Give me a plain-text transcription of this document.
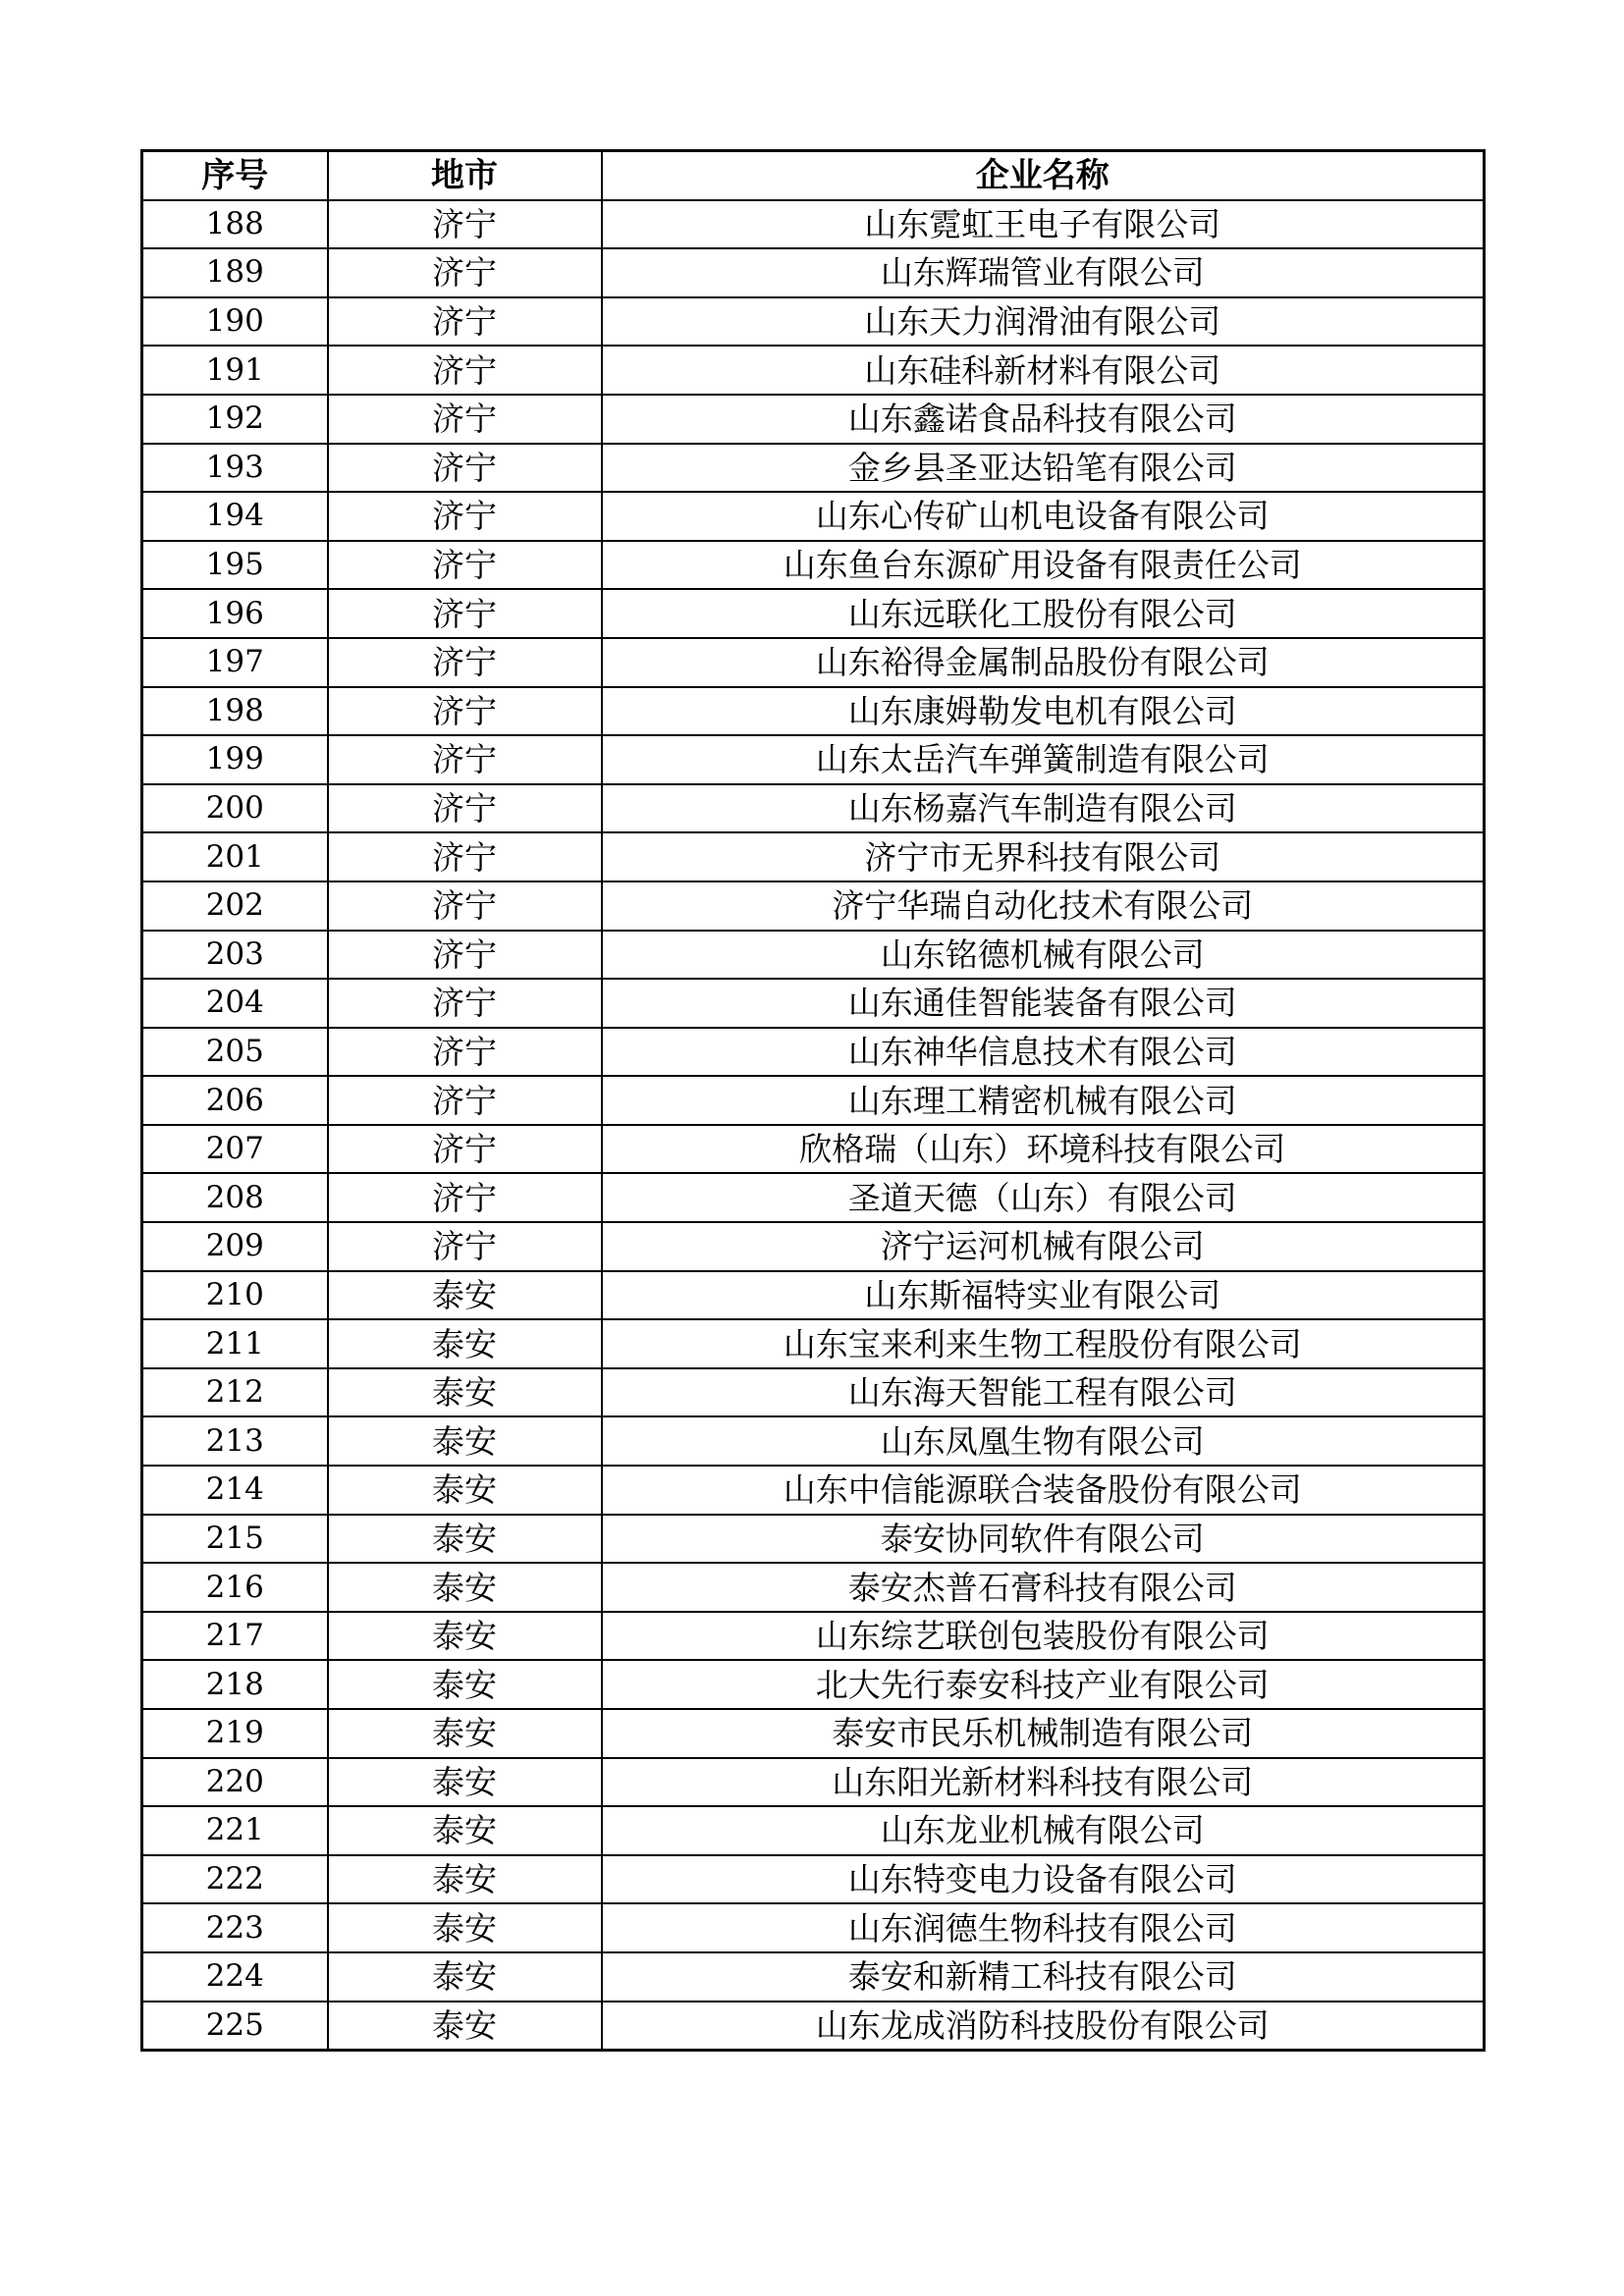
序号	地市	企业名称
188	济宁	山东霓虹王电子有限公司
189	济宁	山东辉瑞管业有限公司
190	济宁	山东天力润滑油有限公司
191	济宁	山东硅科新材料有限公司
192	济宁	山东鑫诺食品科技有限公司
193	济宁	金乡县圣亚达铅笔有限公司
194	济宁	山东心传矿山机电设备有限公司
195	济宁	山东鱼台东源矿用设备有限责任公司
196	济宁	山东远联化工股份有限公司
197	济宁	山东裕得金属制品股份有限公司
198	济宁	山东康姆勒发电机有限公司
199	济宁	山东太岳汽车弹簧制造有限公司
200	济宁	山东杨嘉汽车制造有限公司
201	济宁	济宁市无界科技有限公司
202	济宁	济宁华瑞自动化技术有限公司
203	济宁	山东铭德机械有限公司
204	济宁	山东通佳智能装备有限公司
205	济宁	山东神华信息技术有限公司
206	济宁	山东理工精密机械有限公司
207	济宁	欣格瑞（山东）环境科技有限公司
208	济宁	圣道天德（山东）有限公司
209	济宁	济宁运河机械有限公司
210	泰安	山东斯福特实业有限公司
211	泰安	山东宝来利来生物工程股份有限公司
212	泰安	山东海天智能工程有限公司
213	泰安	山东凤凰生物有限公司
214	泰安	山东中信能源联合装备股份有限公司
215	泰安	泰安协同软件有限公司
216	泰安	泰安杰普石膏科技有限公司
217	泰安	山东综艺联创包装股份有限公司
218	泰安	北大先行泰安科技产业有限公司
219	泰安	泰安市民乐机械制造有限公司
220	泰安	山东阳光新材料科技有限公司
221	泰安	山东龙业机械有限公司
222	泰安	山东特变电力设备有限公司
223	泰安	山东润德生物科技有限公司
224	泰安	泰安和新精工科技有限公司
225	泰安	山东龙成消防科技股份有限公司
